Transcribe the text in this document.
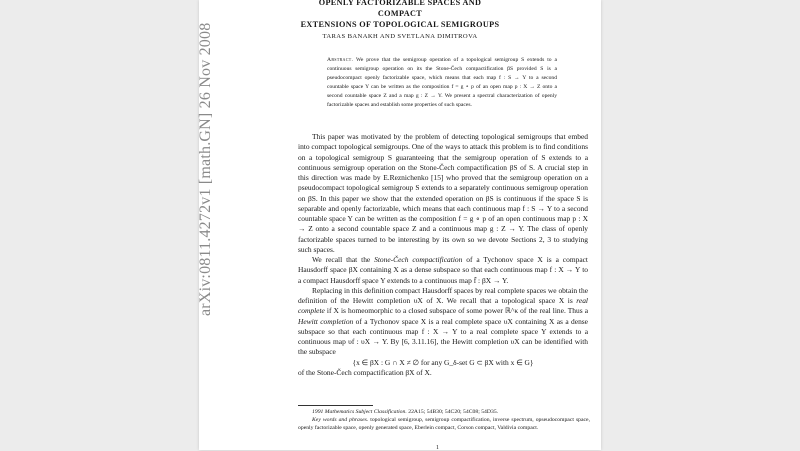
arXiv:0811.4272v1 [math.GN] 26 Nov 2008
OPENLY FACTORIZABLE SPACES AND COMPACT
EXTENSIONS OF TOPOLOGICAL SEMIGROUPS
TARAS BANAKH AND SVETLANA DIMITROVA
Abstract. We prove that the semigroup operation of a topological semigroup S extends to a continuous semigroup operation on its the Stone-Čech compactification βS provided S is a pseudocompact openly factorizable space, which means that each map f : S → Y to a second countable space Y can be written as the composition f = g ∘ p of an open map p : X → Z onto a second countable space Z and a map g : Z → Y. We present a spectral characterization of openly factorizable spaces and establish some properties of such spaces.

This paper was motivated by the problem of detecting topological semigroups that embed into compact topological semigroups. One of the ways to attack this problem is to find conditions on a topological semigroup S guaranteeing that the semigroup operation of S extends to a continuous semigroup operation on the Stone-Čech compactification βS of S. A crucial step in this direction was made by E.Reznichenko [15] who proved that the semigroup operation on a pseudocompact topological semigroup S extends to a separately continuous semigroup operation on βS. In this paper we show that the extended operation on βS is continuous if the space S is separable and openly factorizable, which means that each continuous map f : S → Y to a second countable space Y can be written as the composition f = g ∘ p of an open continuous map p : X → Z onto a second countable space Z and a continuous map g : Z → Y. The class of openly factorizable spaces turned to be interesting by its own so we devote Sections 2, 3 to studying such spaces.

We recall that the Stone-Čech compactification of a Tychonov space X is a compact Hausdorff space βX containing X as a dense subspace so that each continuous map f : X → Y to a compact Hausdorff space Y extends to a continuous map f̄ : βX → Y.

Replacing in this definition compact Hausdorff spaces by real complete spaces we obtain the definition of the Hewitt completion υX of X. We recall that a topological space X is real complete if X is homeomorphic to a closed subspace of some power ℝ^κ of the real line. Thus a Hewitt completion of a Tychonov space X is a real complete space υX containing X as a dense subspace so that each continuous map f : X → Y to a real complete space Y extends to a continuous map υf : υX → Y. By [6, 3.11.16], the Hewitt completion υX can be identified with the subspace

{x ∈ βX : G ∩ X ≠ ∅ for any G_δ-set G ⊂ βX with x ∈ G}

of the Stone-Čech compactification βX of X.

1991 Mathematics Subject Classification. 22A15; 54B30; 54C20; 54C08; 54D35.

Key words and phrases. topological semigroup, semigroup compactification, inverse spectrum, opseudocompact space, openly factorizable space, openly generated space, Eberlein compact, Corson compact, Valdivia compact.

1
